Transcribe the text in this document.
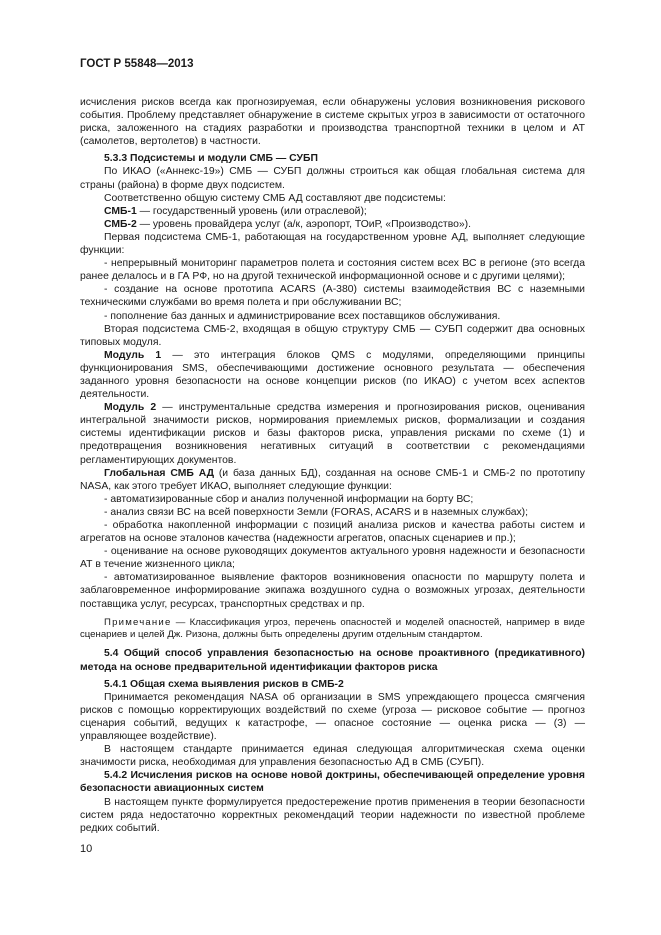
ГОСТ Р 55848—2013

исчисления рисков всегда как прогнозируемая, если обнаружены условия возникновения рискового события. Проблему представляет обнаружение в системе скрытых угроз в зависимости от остаточного риска, заложенного на стадиях разработки и производства транспортной техники в целом и АТ (самолетов, вертолетов) в частности.

5.3.3 Подсистемы и модули СМБ — СУБП

По ИКАО («Аннекс-19») СМБ — СУБП должны строиться как общая глобальная система для страны (района) в форме двух подсистем.

Соответственно общую систему СМБ АД составляют две подсистемы:

СМБ-1 — государственный уровень (или отраслевой);

СМБ-2 — уровень провайдера услуг (а/к, аэропорт, ТОиР, «Производство»).

Первая подсистема СМБ-1, работающая на государственном уровне АД, выполняет следующие функции:

- непрерывный мониторинг параметров полета и состояния систем всех ВС в регионе (это всегда ранее делалось и в ГА РФ, но на другой технической информационной основе и с другими целями);

- создание на основе прототипа ACARS (А-380) системы взаимодействия ВС с наземными техническими службами во время полета и при обслуживании ВС;

- пополнение баз данных и администрирование всех поставщиков обслуживания.

Вторая подсистема СМБ-2, входящая в общую структуру СМБ — СУБП содержит два основных типовых модуля.

Модуль 1 — это интеграция блоков QMS с модулями, определяющими принципы функционирования SMS, обеспечивающими достижение основного результата — обеспечения заданного уровня безопасности на основе концепции рисков (по ИКАО) с учетом всех аспектов деятельности.

Модуль 2 — инструментальные средства измерения и прогнозирования рисков, оценивания интегральной значимости рисков, нормирования приемлемых рисков, формализации и создания системы идентификации рисков и базы факторов риска, управления рисками по схеме (1) и предотвращения возникновения негативных ситуаций в соответствии с рекомендациями регламентирующих документов.

Глобальная СМБ АД (и база данных БД), созданная на основе СМБ-1 и СМБ-2 по прототипу NASA, как этого требует ИКАО, выполняет следующие функции:

- автоматизированные сбор и анализ полученной информации на борту ВС;

- анализ связи ВС на всей поверхности Земли (FORAS, ACARS и в наземных службах);

- обработка накопленной информации с позиций анализа рисков и качества работы систем и агрегатов на основе эталонов качества (надежности агрегатов, опасных сценариев и пр.);

- оценивание на основе руководящих документов актуального уровня надежности и безопасности АТ в течение жизненного цикла;

- автоматизированное выявление факторов возникновения опасности по маршруту полета и заблаговременное информирование экипажа воздушного судна о возможных угрозах, деятельности поставщика услуг, ресурсах, транспортных средствах и пр.

Примечание — Классификация угроз, перечень опасностей и моделей опасностей, например в виде сценариев и целей Дж. Ризона, должны быть определены другим отдельным стандартом.

5.4 Общий способ управления безопасностью на основе проактивного (предикативного) метода на основе предварительной идентификации факторов риска

5.4.1 Общая схема выявления рисков в СМБ-2

Принимается рекомендация NASA об организации в SMS упреждающего процесса смягчения рисков с помощью корректирующих воздействий по схеме (угроза — рисковое событие — прогноз сценария событий, ведущих к катастрофе, — опасное состояние — оценка риска — (3) — управляющее воздействие).

В настоящем стандарте принимается единая следующая алгоритмическая схема оценки значимости риска, необходимая для управления безопасностью АД в СМБ (СУБП).

5.4.2 Исчисления рисков на основе новой доктрины, обеспечивающей определение уровня безопасности авиационных систем

В настоящем пункте формулируется предостережение против применения в теории безопасности систем ряда недостаточно корректных рекомендаций теории надежности по известной проблеме редких событий.

10
